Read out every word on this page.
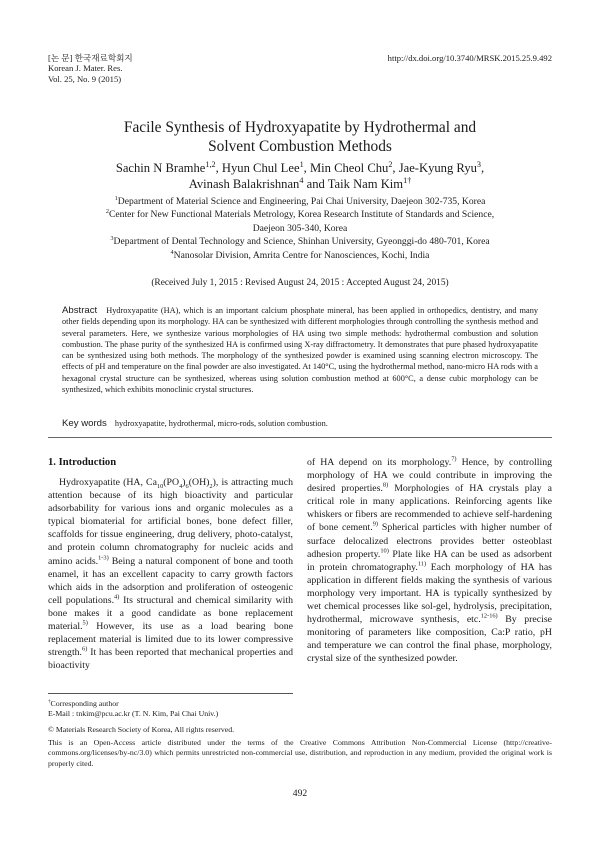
[논 문] 한국재료학회지
Korean J. Mater. Res.
Vol. 25, No. 9 (2015)
http://dx.doi.org/10.3740/MRSK.2015.25.9.492
Facile Synthesis of Hydroxyapatite by Hydrothermal and
Solvent Combustion Methods
Sachin N Bramhe$^{1,2}$, Hyun Chul Lee$^1$, Min Cheol Chu$^2$, Jae-Kyung Ryu$^3$,
Avinash Balakrishnan$^4$ and Taik Nam Kim$^{1\dagger}$
$^1$Department of Material Science and Engineering, Pai Chai University, Daejeon 302-735, Korea
$^2$Center for New Functional Materials Metrology, Korea Research Institute of Standards and Science,
Daejeon 305-340, Korea
$^3$Department of Dental Technology and Science, Shinhan University, Gyeonggi-do 480-701, Korea
$^4$Nanosolar Division, Amrita Centre for Nanosciences, Kochi, India
(Received July 1, 2015 : Revised August 24, 2015 : Accepted August 24, 2015)
Abstract Hydroxyapatite (HA), which is an important calcium phosphate mineral, has been applied in orthopedics, dentistry, and many other fields depending upon its morphology. HA can be synthesized with different morphologies through controlling the synthesis method and several parameters. Here, we synthesize various morphologies of HA using two simple methods: hydrothermal combustion and solution combustion. The phase purity of the synthesized HA is confirmed using X-ray diffractometry. It demonstrates that pure phased hydroxyapatite can be synthesized using both methods. The morphology of the synthesized powder is examined using scanning electron microscopy. The effects of pH and temperature on the final powder are also investigated. At 140°C, using the hydrothermal method, nano-micro HA rods with a hexagonal crystal structure can be synthesized, whereas using solution combustion method at 600°C, a dense cubic morphology can be synthesized, which exhibits monoclinic crystal structures.
Key words hydroxyapatite, hydrothermal, micro-rods, solution combustion.
1. Introduction

Hydroxyapatite (HA, $Ca_{10}(PO_4)_6(OH)_2$), is attracting much attention because of its high bioactivity and particular adsorbability for various ions and organic molecules as a typical biomaterial for artificial bones, bone defect filler, scaffolds for tissue engineering, drug delivery, photo-catalyst, and protein column chromatography for nucleic acids and amino acids.$^{1-3)}$ Being a natural component of bone and tooth enamel, it has an excellent capacity to carry growth factors which aids in the adsorption and proliferation of osteogenic cell populations.$^{4)}$ Its structural and chemical similarity with bone makes it a good candidate as bone replacement material.$^{5)}$ However, its use as a load bearing bone replacement material is limited due to its lower compressive strength.$^{6)}$ It has been reported that mechanical properties and bioactivity

of HA depend on its morphology.$^{7)}$ Hence, by controlling morphology of HA we could contribute in improving the desired properties.$^{8)}$ Morphologies of HA crystals play a critical role in many applications. Reinforcing agents like whiskers or fibers are recommended to achieve self-hardening of bone cement.$^{9)}$ Spherical particles with higher number of surface delocalized electrons provides better osteoblast adhesion property.$^{10)}$ Plate like HA can be used as adsorbent in protein chromatography.$^{11)}$ Each morphology of HA has application in different fields making the synthesis of various morphology very important. HA is typically synthesized by wet chemical processes like sol-gel, hydrolysis, precipitation, hydrothermal, microwave synthesis, etc.$^{12-16)}$ By precise monitoring of parameters like composition, Ca:P ratio, pH and temperature we can control the final phase, morphology, crystal size of the synthesized powder.

†Corresponding author
E-Mail : tnkim@pcu.ac.kr (T. N. Kim, Pai Chai Univ.)
© Materials Research Society of Korea, All rights reserved.
This is an Open-Access article distributed under the terms of the Creative Commons Attribution Non-Commercial License (http://creative-commons.org/licenses/by-nc/3.0) which permits unrestricted non-commercial use, distribution, and reproduction in any medium, provided the original work is properly cited.
492
